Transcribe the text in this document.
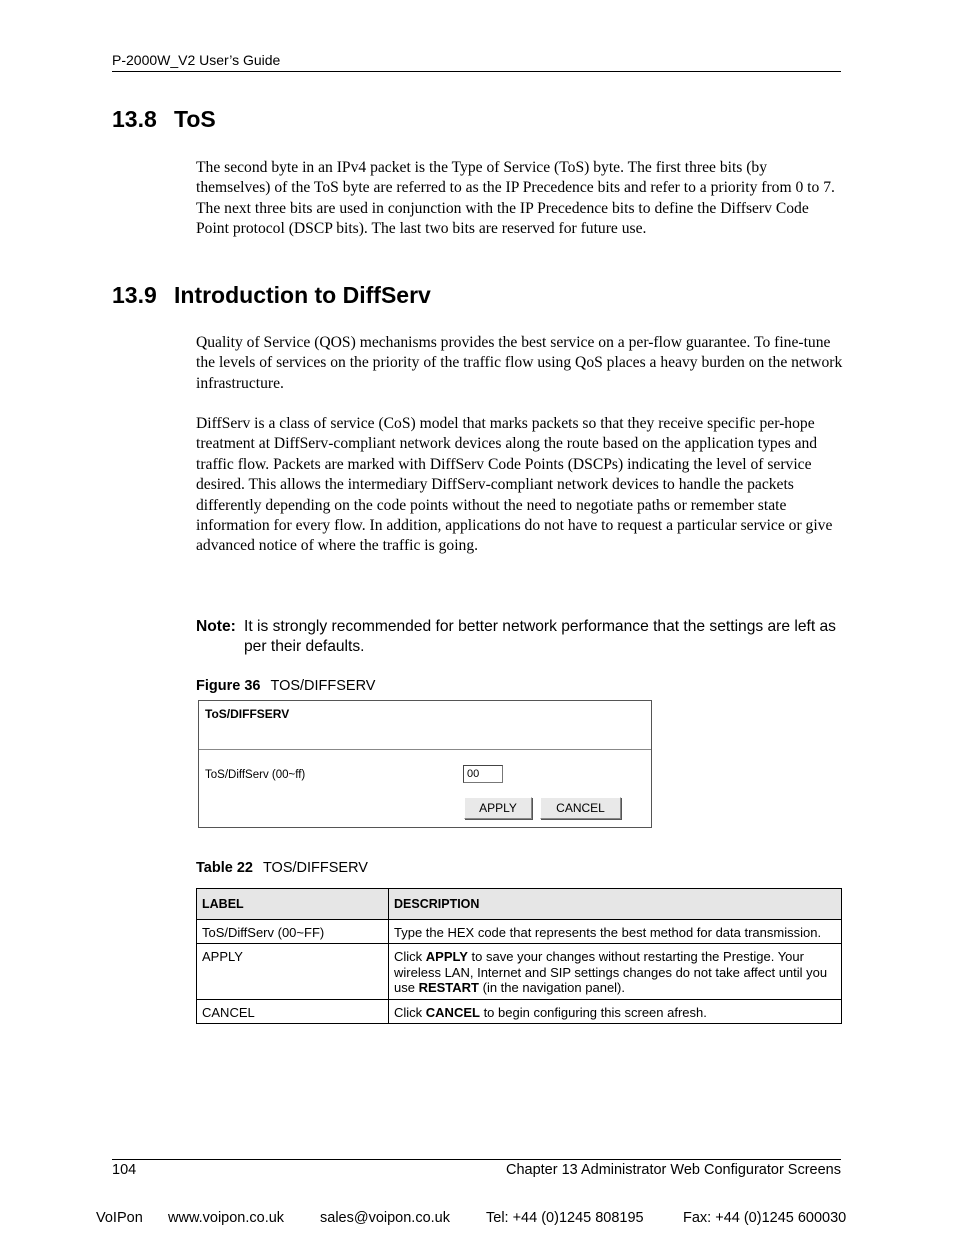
P-2000W_V2 User’s Guide
13.8 ToS

The second byte in an IPv4 packet is the Type of Service (ToS) byte. The first three bits (by themselves) of the ToS byte are referred to as the IP Precedence bits and refer to a priority from 0 to 7. The next three bits are used in conjunction with the IP Precedence bits to define the Diffserv Code Point protocol (DSCP bits). The last two bits are reserved for future use.

13.9 Introduction to DiffServ

Quality of Service (QOS) mechanisms provides the best service on a per-flow guarantee. To fine-tune the levels of services on the priority of the traffic flow using QoS places a heavy burden on the network infrastructure.

DiffServ is a class of service (CoS) model that marks packets so that they receive specific per-hope treatment at DiffServ-compliant network devices along the route based on the application types and traffic flow. Packets are marked with DiffServ Code Points (DSCPs) indicating the level of service desired. This allows the intermediary DiffServ-compliant network devices to handle the packets differently depending on the code points without the need to negotiate paths or remember state information for every flow. In addition, applications do not have to request a particular service or give advanced notice of where the traffic is going.

Note: It is strongly recommended for better network performance that the settings are left as per their defaults.
Figure 36 TOS/DIFFSERV
ToS/DIFFSERV
ToS/DiffServ (00~ff)
00
APPLY	CANCEL
Table 22 TOS/DIFFSERV
LABEL	DESCRIPTION
ToS/DiffServ (00~FF)	Type the HEX code that represents the best method for data transmission.
APPLY	Click APPLY to save your changes without restarting the Prestige. Your wireless LAN, Internet and SIP settings changes do not take affect until you use RESTART (in the navigation panel).
CANCEL	Click CANCEL to begin configuring this screen afresh.
104	Chapter 13 Administrator Web Configurator Screens
VoIPon www.voipon.co.uk sales@voipon.co.uk Tel: +44 (0)1245 808195	Fax: +44 (0)1245 600030
